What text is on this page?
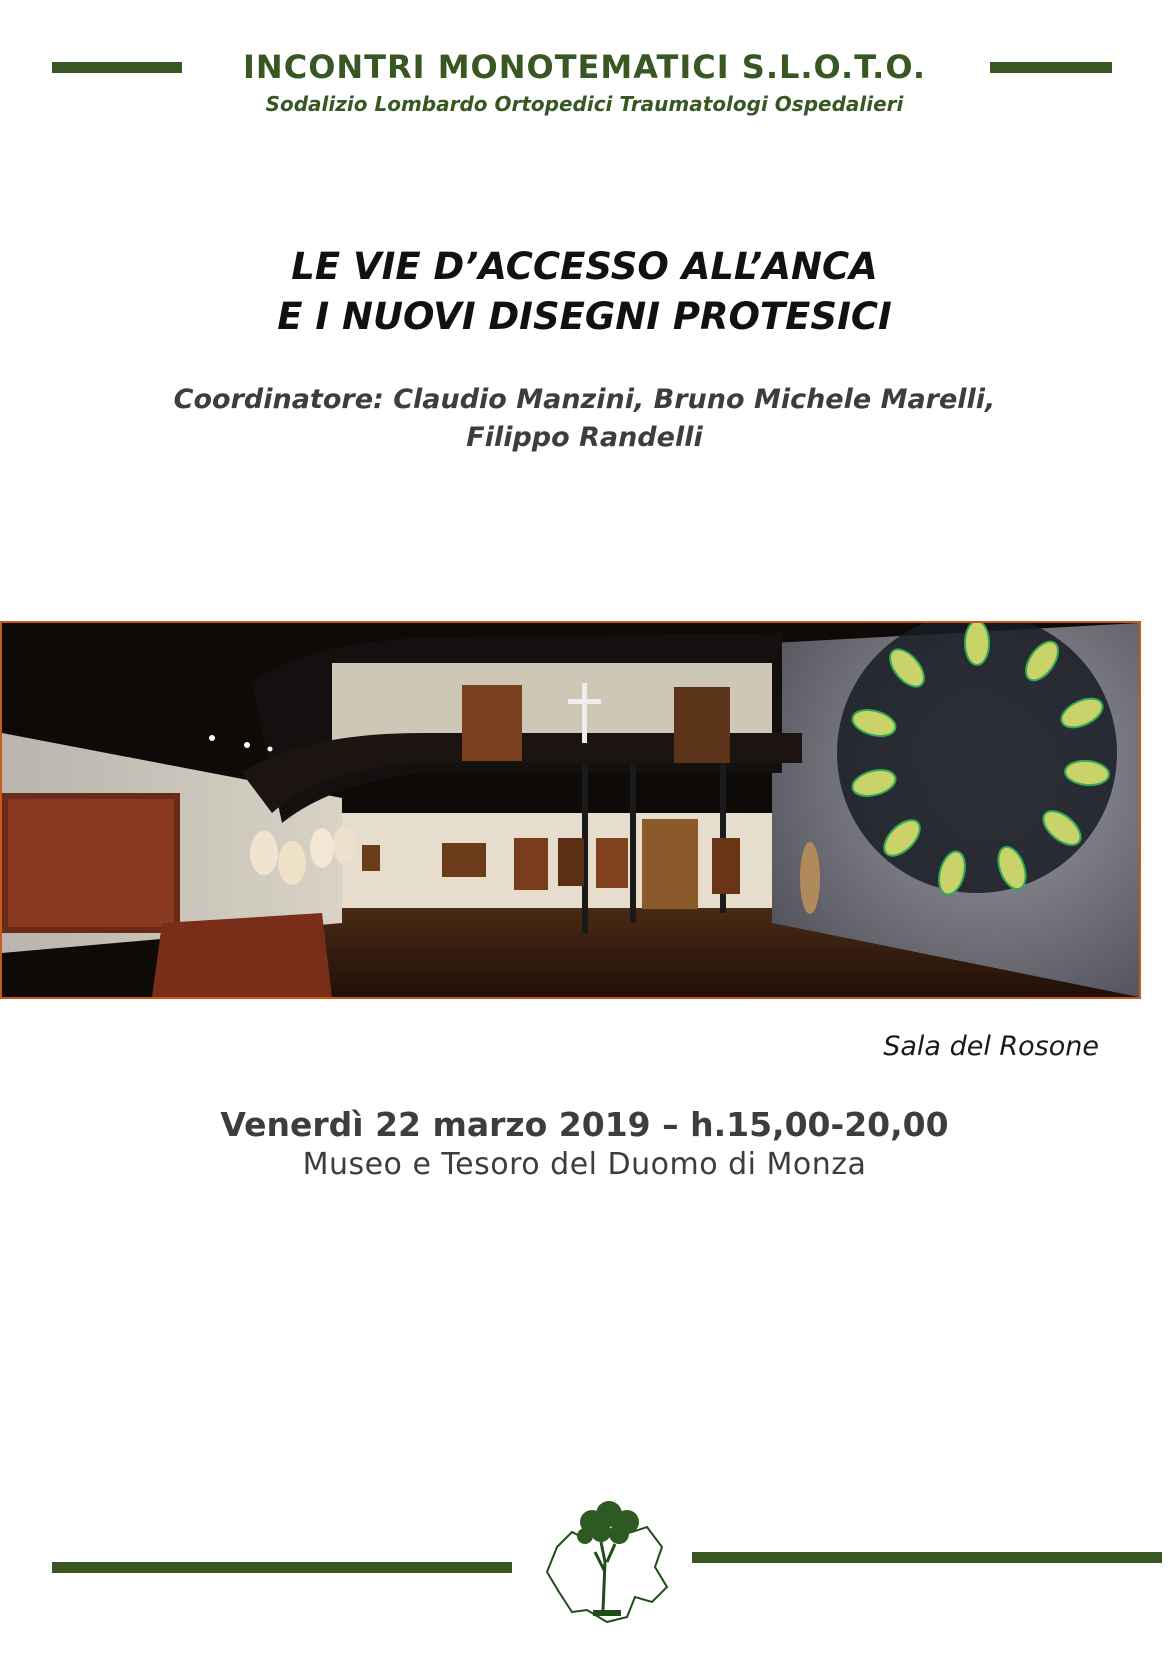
INCONTRI MONOTEMATICI S.L.O.T.O.
Sodalizio Lombardo Ortopedici Traumatologi Ospedalieri
LE VIE D’ACCESSO ALL’ANCA
E I NUOVI DISEGNI PROTESICI
Coordinatore: Claudio Manzini, Bruno Michele Marelli,
Filippo Randelli
Sala del Rosone
Venerdì 22 marzo 2019 – h.15,00-20,00
Museo e Tesoro del Duomo di Monza
